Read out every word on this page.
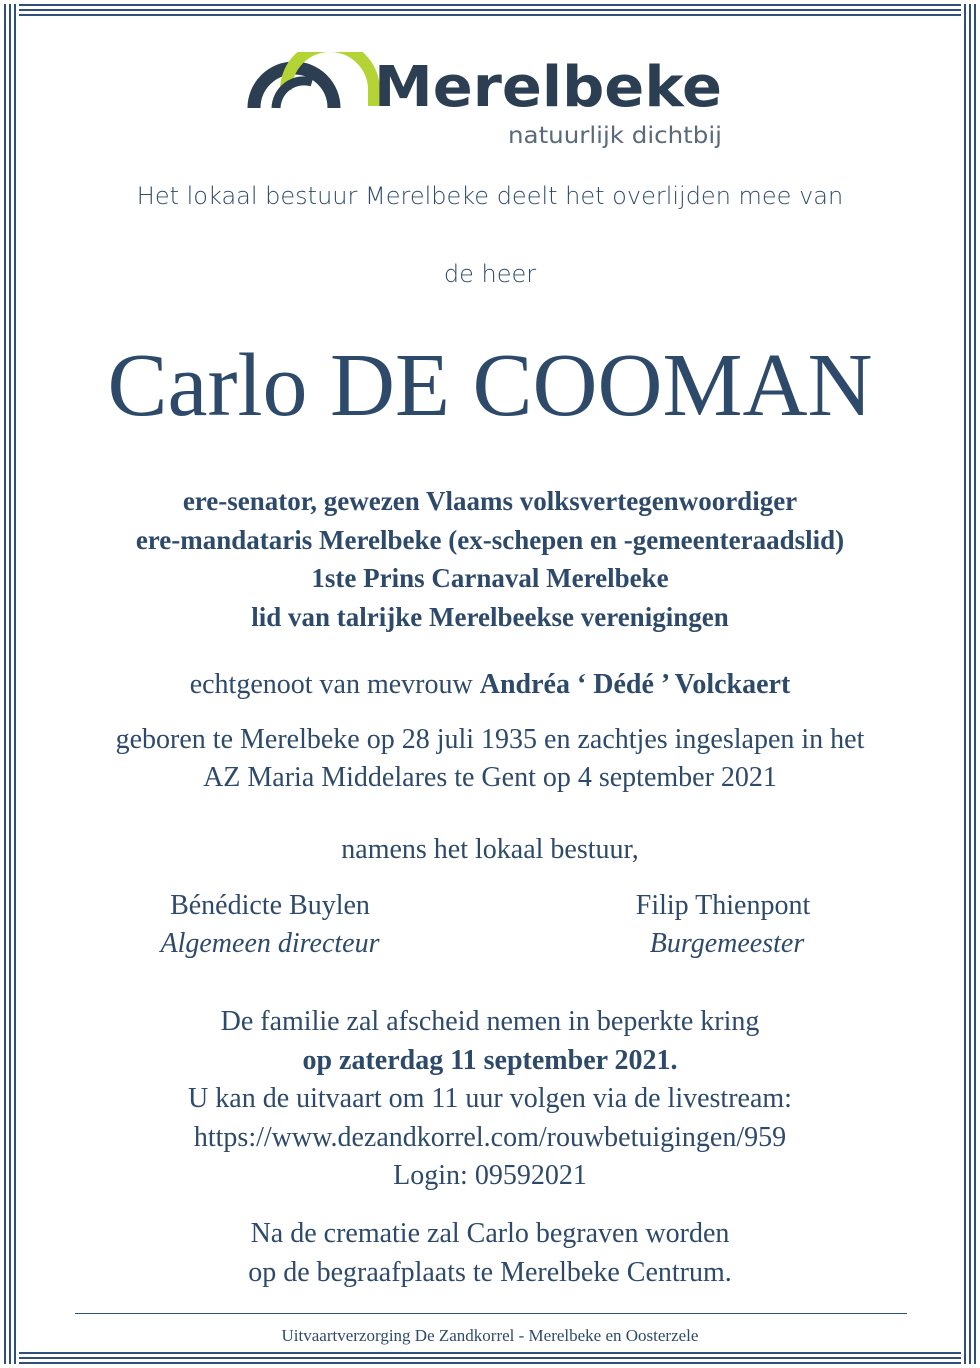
Merelbeke
natuurlijk dichtbij
Het lokaal bestuur Merelbeke deelt het overlijden mee van
de heer
Carlo DE COOMAN
ere-senator, gewezen Vlaams volksvertegenwoordiger
ere-mandataris Merelbeke (ex-schepen en -gemeenteraadslid)
1ste Prins Carnaval Merelbeke
lid van talrijke Merelbeekse verenigingen
echtgenoot van mevrouw Andréa ‘ Dédé ’ Volckaert
geboren te Merelbeke op 28 juli 1935 en zachtjes ingeslapen in het
AZ Maria Middelares te Gent op 4 september 2021
namens het lokaal bestuur,
Bénédicte Buylen
Algemeen directeur
Filip Thienpont
Burgemeester
De familie zal afscheid nemen in beperkte kring
op zaterdag 11 september 2021.
U kan de uitvaart om 11 uur volgen via de livestream:
https://www.dezandkorrel.com/rouwbetuigingen/959
Login: 09592021
Na de crematie zal Carlo begraven worden
op de begraafplaats te Merelbeke Centrum.
Uitvaartverzorging De Zandkorrel - Merelbeke en Oosterzele
